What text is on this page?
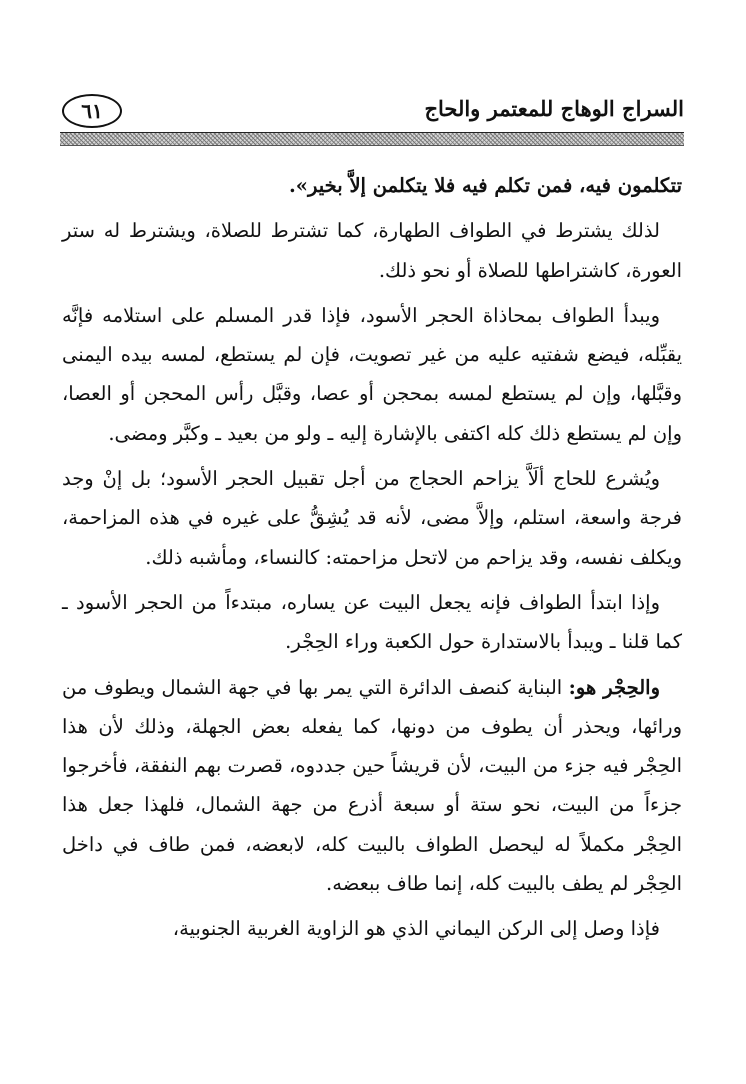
السراج الوهاج للمعتمر والحاج
٦١

تتكلمون فيه، فمن تكلم فيه فلا يتكلمن إلاَّ بخير».

لذلك يشترط في الطواف الطهارة، كما تشترط للصلاة، ويشترط له ستر العورة، كاشتراطها للصلاة أو نحو ذلك.

ويبدأ الطواف بمحاذاة الحجر الأسود، فإذا قدر المسلم على استلامه فإنَّه يقبِّله، فيضع شفتيه عليه من غير تصويت، فإن لم يستطع، لمسه بيده اليمنى وقبَّلها، وإن لم يستطع لمسه بمحجن أو عصا، وقبَّل رأس المحجن أو العصا، وإن لم يستطع ذلك كله اكتفى بالإشارة إليه ـ ولو من بعيد ـ وكبَّر ومضى.

ويُشرع للحاج ألَاَّ يزاحم الحجاج من أجل تقبيل الحجر الأسود؛ بل إنْ وجد فرجة واسعة، استلم، وإلاَّ مضى، لأنه قد يُشِقُّ على غيره في هذه المزاحمة، ويكلف نفسه، وقد يزاحم من لاتحل مزاحمته: كالنساء، ومأشبه ذلك.

وإذا ابتدأ الطواف فإنه يجعل البيت عن يساره، مبتدءاً من الحجر الأسود ـ كما قلنا ـ ويبدأ بالاستدارة حول الكعبة وراء الحِجْر.

والحِجْر هو: البناية كنصف الدائرة التي يمر بها في جهة الشمال ويطوف من ورائها، ويحذر أن يطوف من دونها، كما يفعله بعض الجهلة، وذلك لأن هذا الحِجْر فيه جزء من البيت، لأن قريشاً حين جددوه، قصرت بهم النفقة، فأخرجوا جزءاً من البيت، نحو ستة أو سبعة أذرع من جهة الشمال، فلهذا جعل هذا الحِجْر مكملاً له ليحصل الطواف بالبيت كله، لابعضه، فمن طاف في داخل الحِجْر لم يطف بالبيت كله، إنما طاف ببعضه.

فإذا وصل إلى الركن اليماني الذي هو الزاوية الغربية الجنوبية،
